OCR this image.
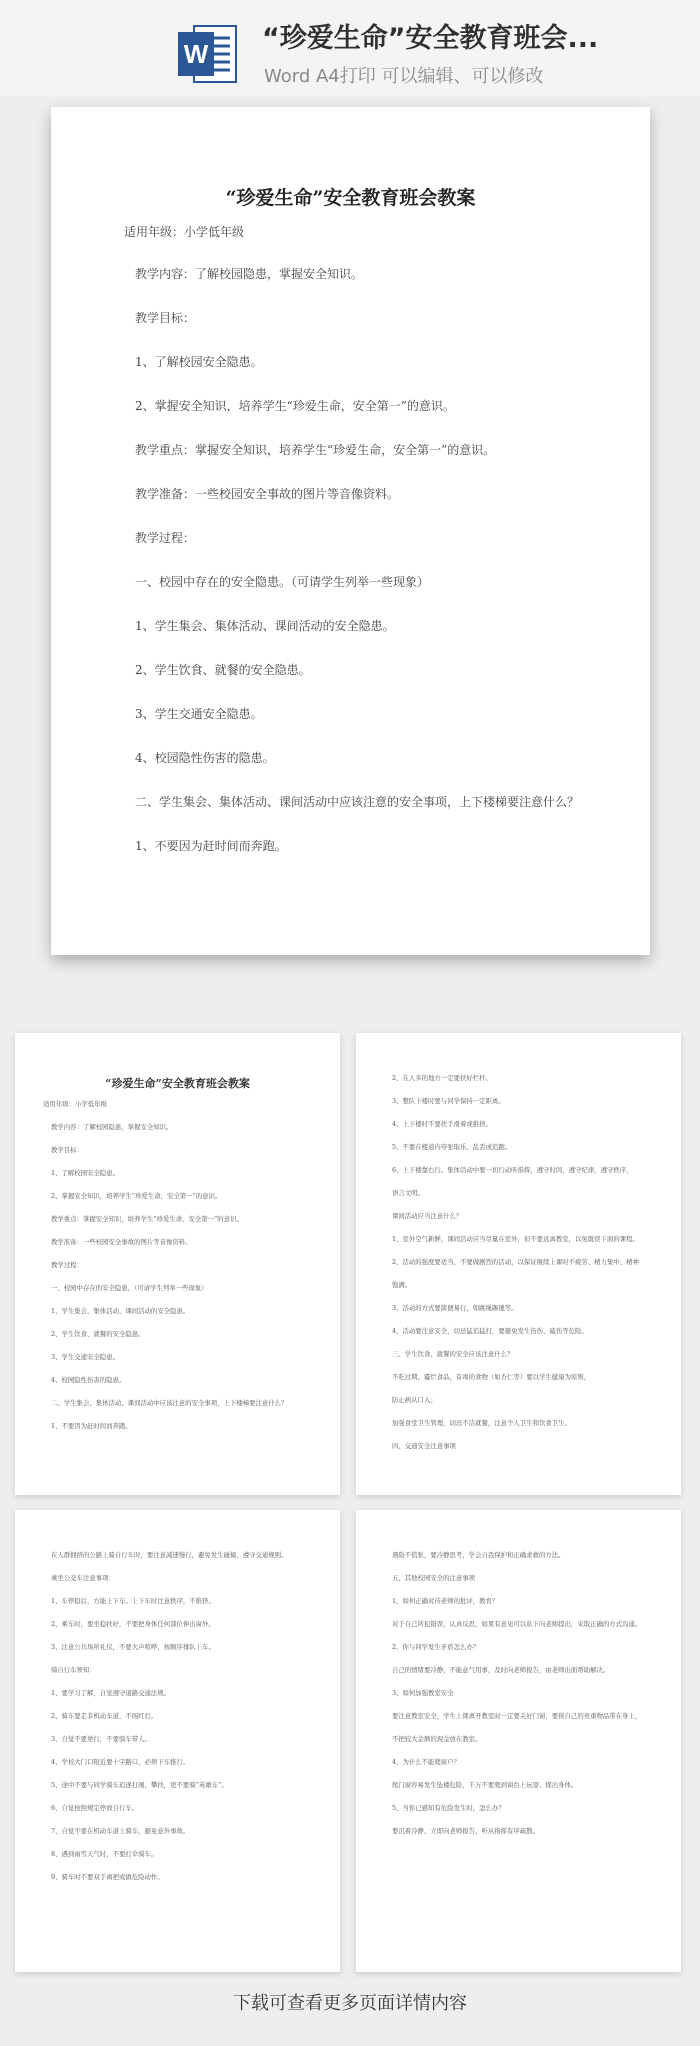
W “珍爱生命”安全教育班会...
Word A4打印 可以编辑、可以修改
“珍爱生命”安全教育班会教案
适用年级：小学低年级
教学内容：了解校园隐患，掌握安全知识。
教学目标：
1、了解校园安全隐患。
2、掌握安全知识，培养学生“珍爱生命，安全第一”的意识。
教学重点：掌握安全知识，培养学生“珍爱生命，安全第一”的意识。
教学准备：一些校园安全事故的图片等音像资料。
教学过程：
一、校园中存在的安全隐患。（可请学生列举一些现象）
1、学生集会、集体活动、课间活动的安全隐患。
2、学生饮食、就餐的安全隐患。
3、学生交通安全隐患。
4、校园隐性伤害的隐患。
二、学生集会、集体活动、课间活动中应该注意的安全事项，上下楼梯要注意什么？
1、不要因为赶时间而奔跑。
“珍爱生命”安全教育班会教案
适用年级：小学低年级
教学内容：了解校园隐患，掌握安全知识。
教学目标：
1、了解校园安全隐患。
2、掌握安全知识，培养学生“珍爱生命，安全第一”的意识。
教学重点：掌握安全知识，培养学生“珍爱生命，安全第一”的意识。
教学准备：一些校园安全事故的图片等音像资料。
教学过程：
一、校园中存在的安全隐患。（可请学生列举一些现象）
1、学生集会、集体活动、课间活动的安全隐患。
2、学生饮食、就餐的安全隐患。
3、学生交通安全隐患。
4、校园隐性伤害的隐患。
二、学生集会、集体活动、课间活动中应该注意的安全事项，上下楼梯要注意什么？
1、不要因为赶时间而奔跑。
2、在人多的地方一定要扶好栏杆。
3、整队下楼时要与同学保持一定距离。
4、上下楼时不要扶手滑着或推挤。
5、不要在楼道内夸张取乐、乱丢或追跑。
6、上下楼靠右行。集体活动中要一切行动听指挥，遵守时间，遵守纪律，遵守秩序，
语言文明。
课间活动应当注意什么？
1、室外空气新鲜，课间活动应当尽量在室外，但不要远离教室，以免耽误下面的课程。
2、活动的强度要适当，不要做剧烈的活动，以保证继续上课时不疲劳、精力集中、精神
饱满。
3、活动的方式要简便易行，如跳绳踢毽等。
4、活动要注意安全，切忌猛追猛打，要避免发生伤伤、磕伤等危险。
三、学生饮食、就餐的安全应该注意什么？
不吃过期、霉烂食品，有毒的食物（如杏仁等）要以学生健康为原则，
防止病从口入；
加强食堂卫生管理，切忌不洁就餐，注意个人卫生和饮食卫生。
四、交通安全注意事项
在人群拥挤的公路上骑自行车时，要注意减速慢行，避免发生碰撞，遵守交通规则。
乘坐公交车注意事项：
1、车停稳后，方能上下车。上下车时注意秩序，不推挤。
2、乘车时，要坐稳扶好，不要把身体任何部位伸出窗外。
3、注意公共场所礼仪，不要大声喧哗，按顺序排队上车。
骑自行车须知：
1、要学习了解，自觉遵守道路交通法规。
2、骑车要走非机动车道，不闯红灯。
3、自觉不要逆行，不要骑车带人。
4、学校大门口附近要十字路口，必须下车推行。
5、途中不要与同学骑车追逐打闹、攀扶，更不要骑“英雄车”。
6、自觉按照规定停放自行车。
7、自觉不要在机动车道上骑车，避免意外事故。
8、遇到雨雪天气时，不要打伞骑车。
9、骑车时不要双手离把或做危险动作。
遇险不慌张，要冷静思考，学会自我保护和正确求救的方法。
五、其他校园安全的注意事项
1、如何正确对待老师的批评，教育？
对于自己所犯错误，认真反思，如果有意见可以私下向老师提出，采取正确的方式沟通。
2、你与同学发生矛盾怎么办？
自己的情绪要冷静，不能意气用事，及时向老师报告，由老师出面帮助解决。
3、如何加强教室安全
要注意教室安全，学生上课离开教室时一定要关好门窗，要将自己的贵重物品带在身上，
不把较大金额的现金放在教室。
4、为什么不能爬窗户？
爬门窗容易发生坠楼危险，千万不要爬到窗台上玩耍、探出身体。
5、当你已感知有危险发生时，怎么办？
要沉着冷静，立即向老师报告，听从指挥有序疏散。
下载可查看更多页面详情内容
